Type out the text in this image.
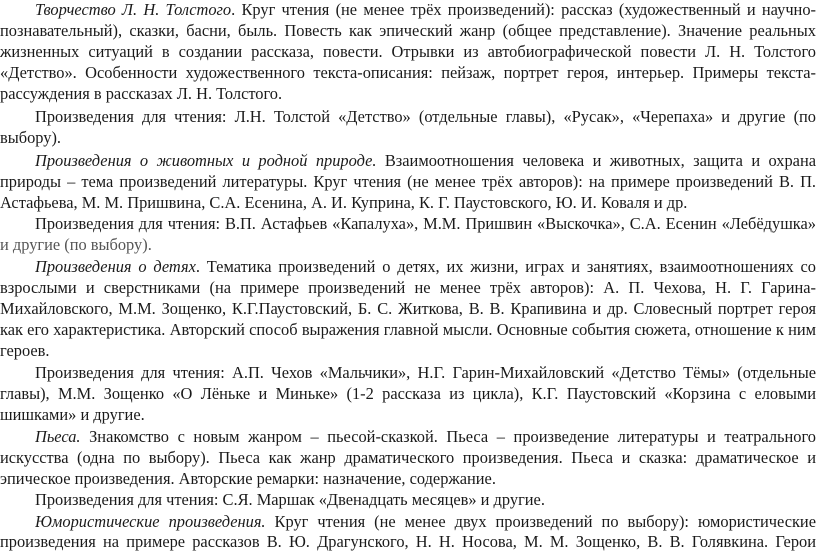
Творчество Л. Н. Толстого. Круг чтения (не менее трёх произведений): рассказ (художественный и научно-
познавательный), сказки, басни, быль. Повесть как эпический жанр (общее представление). Значение реальных
жизненных ситуаций в создании рассказа, повести. Отрывки из автобиографической повести Л. Н. Толстого
«Детство». Особенности художественного текста-описания: пейзаж, портрет героя, интерьер. Примеры текста-
рассуждения в рассказах Л. Н. Толстого.
Произведения для чтения: Л.Н. Толстой «Детство» (отдельные главы), «Русак», «Черепаха» и другие (по
выбору).
Произведения о животных и родной природе. Взаимоотношения человека и животных, защита и охрана
природы – тема произведений литературы. Круг чтения (не менее трёх авторов): на примере произведений В. П.
Астафьева, М. М. Пришвина, С.А. Есенина, А. И. Куприна, К. Г. Паустовского, Ю. И. Коваля и др.
Произведения для чтения: В.П. Астафьев «Капалуха», М.М. Пришвин «Выскочка», С.А. Есенин «Лебёдушка»
и другие (по выбору).
Произведения о детях. Тематика произведений о детях, их жизни, играх и занятиях, взаимоотношениях со
взрослыми и сверстниками (на примере произведений не менее трёх авторов): А. П. Чехова, Н. Г. Гарина-
Михайловского, М.М. Зощенко, К.Г.Паустовский, Б. С. Житкова, В. В. Крапивина и др. Словесный портрет героя
как его характеристика. Авторский способ выражения главной мысли. Основные события сюжета, отношение к ним
героев.
Произведения для чтения: А.П. Чехов «Мальчики», Н.Г. Гарин-Михайловский «Детство Тёмы» (отдельные
главы), М.М. Зощенко «О Лёньке и Миньке» (1-2 рассказа из цикла), К.Г. Паустовский «Корзина с еловыми
шишками» и другие.
Пьеса. Знакомство с новым жанром – пьесой-сказкой. Пьеса – произведение литературы и театрального
искусства (одна по выбору). Пьеса как жанр драматического произведения. Пьеса и сказка: драматическое и
эпическое произведения. Авторские ремарки: назначение, содержание.
Произведения для чтения: С.Я. Маршак «Двенадцать месяцев» и другие.
Юмористические произведения. Круг чтения (не менее двух произведений по выбору): юмористические
произведения на примере рассказов В. Ю. Драгунского, Н. Н. Носова, М. М. Зощенко, В. В. Голявкина. Герои
